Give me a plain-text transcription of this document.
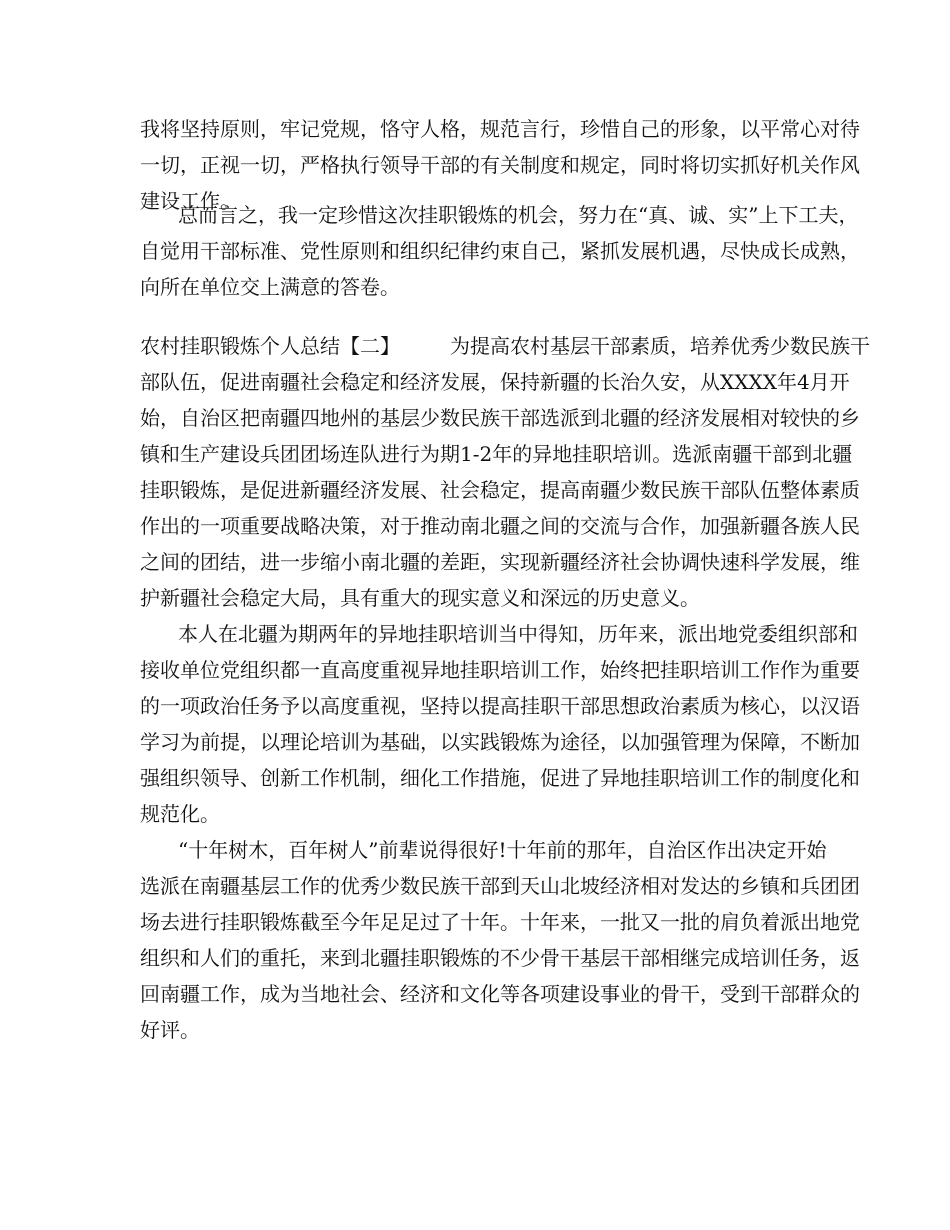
我将坚持原则，牢记党规，恪守人格，规范言行，珍惜自己的形象，以平常心对待
一切，正视一切，严格执行领导干部的有关制度和规定，同时将切实抓好机关作风
建设工作。
总而言之，我一定珍惜这次挂职锻炼的机会，努力在“真、诚、实”上下工夫，
自觉用干部标准、党性原则和组织纪律约束自己，紧抓发展机遇，尽快成长成熟，
向所在单位交上满意的答卷。
农村挂职锻炼个人总结【二】　　　为提高农村基层干部素质，培养优秀少数民族干
部队伍，促进南疆社会稳定和经济发展，保持新疆的长治久安，从XXXX年4月开
始，自治区把南疆四地州的基层少数民族干部选派到北疆的经济发展相对较快的乡
镇和生产建设兵团团场连队进行为期1-2年的异地挂职培训。选派南疆干部到北疆
挂职锻炼，是促进新疆经济发展、社会稳定，提高南疆少数民族干部队伍整体素质
作出的一项重要战略决策，对于推动南北疆之间的交流与合作，加强新疆各族人民
之间的团结，进一步缩小南北疆的差距，实现新疆经济社会协调快速科学发展，维
护新疆社会稳定大局，具有重大的现实意义和深远的历史意义。
本人在北疆为期两年的异地挂职培训当中得知，历年来，派出地党委组织部和
接收单位党组织都一直高度重视异地挂职培训工作，始终把挂职培训工作作为重要
的一项政治任务予以高度重视，坚持以提高挂职干部思想政治素质为核心，以汉语
学习为前提，以理论培训为基础，以实践锻炼为途径，以加强管理为保障，不断加
强组织领导、创新工作机制，细化工作措施，促进了异地挂职培训工作的制度化和
规范化。
“十年树木，百年树人”前辈说得很好!十年前的那年，自治区作出决定开始
选派在南疆基层工作的优秀少数民族干部到天山北坡经济相对发达的乡镇和兵团团
场去进行挂职锻炼截至今年足足过了十年。十年来，一批又一批的肩负着派出地党
组织和人们的重托，来到北疆挂职锻炼的不少骨干基层干部相继完成培训任务，返
回南疆工作，成为当地社会、经济和文化等各项建设事业的骨干，受到干部群众的
好评。
